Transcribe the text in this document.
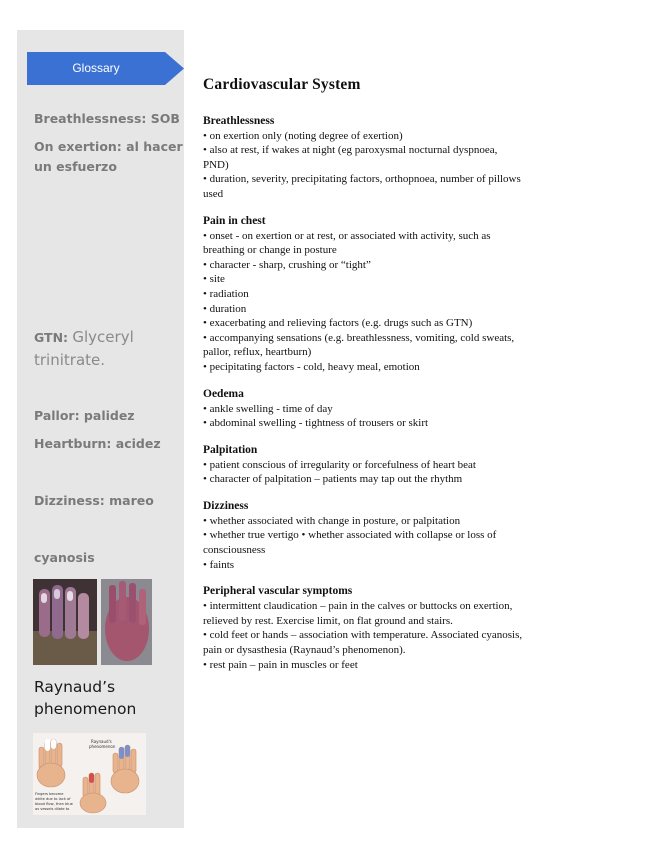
Glossary

Breathlessness: SOB

On exertion: al hacer
un esfuerzo

GTN: Glyceryl
trinitrate.

Pallor: palidez

Heartburn: acidez

Dizziness: mareo

cyanosis

Raynaud’s
phenomenon

Raynaud's
phenomenon
Fingers become
white due to lack of
blood flow, then blue
as vessels dilate to
Cardiovascular System
Breathlessness

• on exertion only (noting degree of exertion)

• also at rest, if wakes at night (eg paroxysmal nocturnal dyspnoea,

PND)

• duration, severity, precipitating factors, orthopnoea, number of pillows

used

Pain in chest

• onset - on exertion or at rest, or associated with activity, such as

breathing or change in posture

• character - sharp, crushing or “tight”

• site

• radiation

• duration

• exacerbating and relieving factors (e.g. drugs such as GTN)

• accompanying sensations (e.g. breathlessness, vomiting, cold sweats,

pallor, reflux, heartburn)

• pecipitating factors - cold, heavy meal, emotion

Oedema

• ankle swelling - time of day

• abdominal swelling - tightness of trousers or skirt

Palpitation

• patient conscious of irregularity or forcefulness of heart beat

• character of palpitation – patients may tap out the rhythm

Dizziness

• whether associated with change in posture, or palpitation

• whether true vertigo • whether associated with collapse or loss of

consciousness

• faints

Peripheral vascular symptoms

• intermittent claudication – pain in the calves or buttocks on exertion,

relieved by rest. Exercise limit, on flat ground and stairs.

• cold feet or hands – association with temperature. Associated cyanosis,

pain or dysasthesia (Raynaud’s phenomenon).

• rest pain – pain in muscles or feet
